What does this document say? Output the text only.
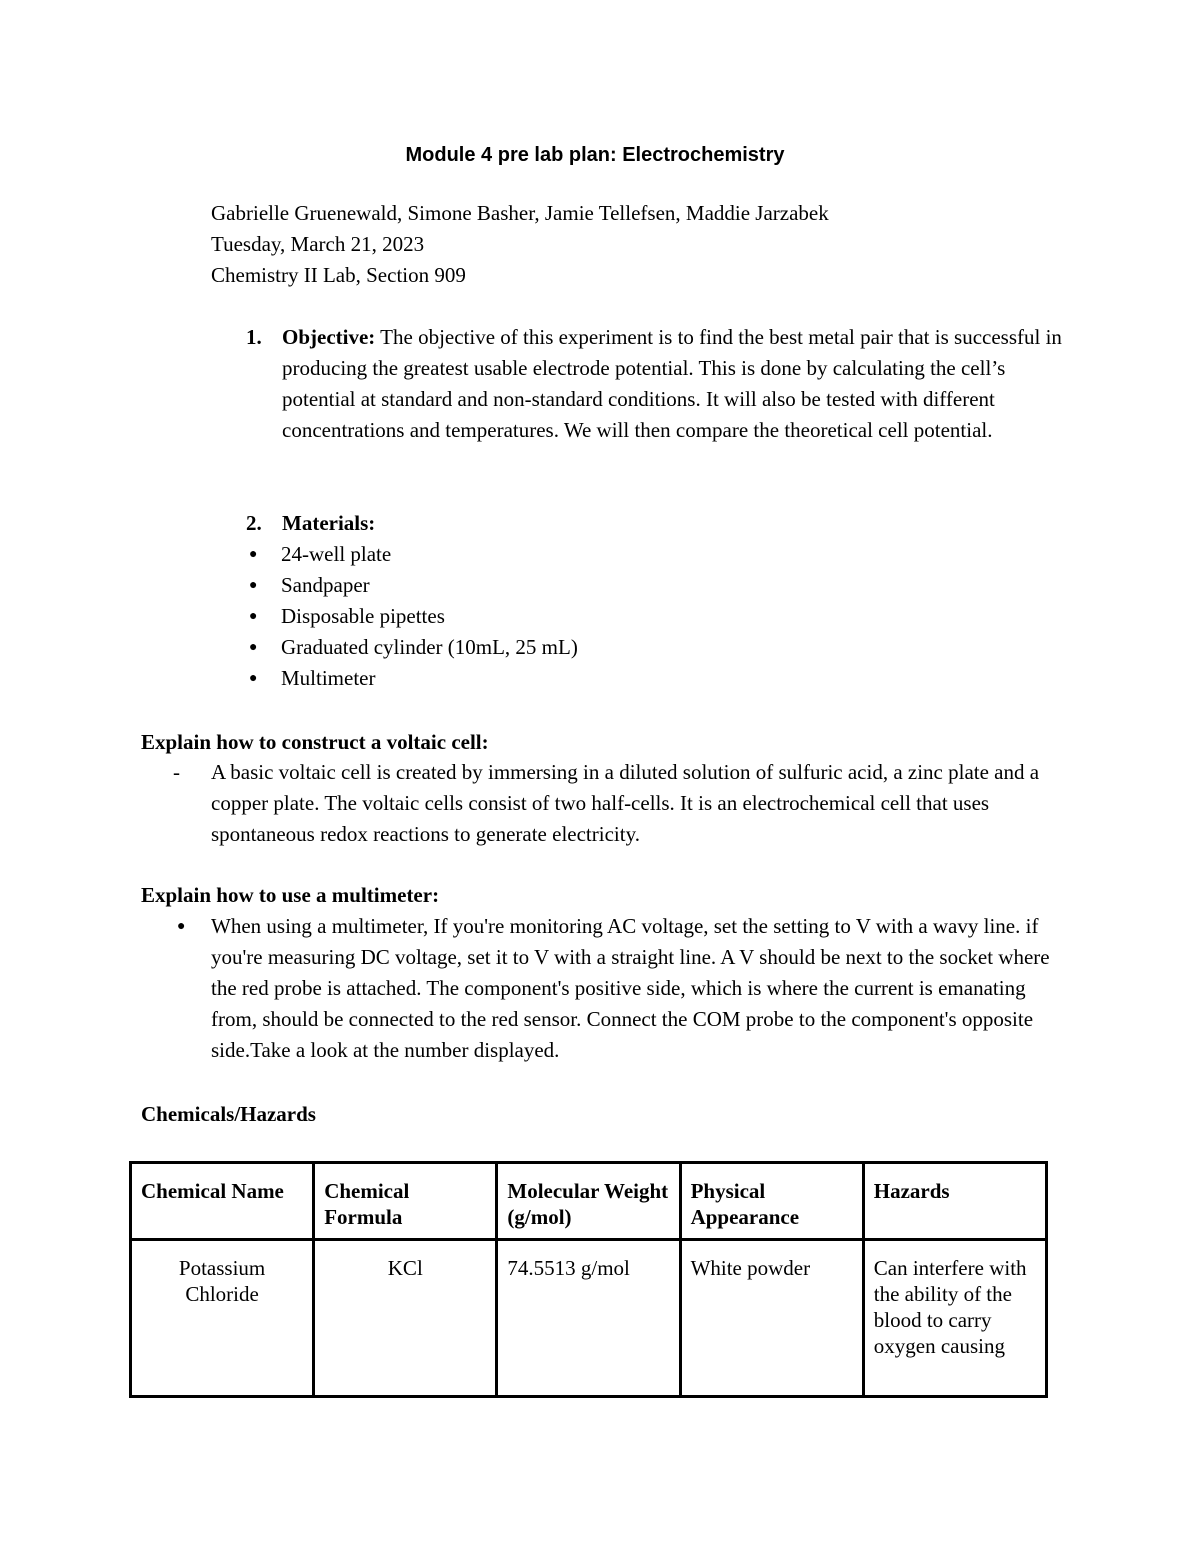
Module 4 pre lab plan: Electrochemistry
Gabrielle Gruenewald, Simone Basher, Jamie Tellefsen, Maddie Jarzabek
Tuesday, March 21, 2023
Chemistry II Lab, Section 909
1. Objective: The objective of this experiment is to find the best metal pair that is successful in producing the greatest usable electrode potential. This is done by calculating the cell’s potential at standard and non-standard conditions. It will also be tested with different concentrations and temperatures. We will then compare the theoretical cell potential.
2. Materials:
● 24-well plate
● Sandpaper
● Disposable pipettes
● Graduated cylinder (10mL, 25 mL)
● Multimeter
Explain how to construct a voltaic cell:
- A basic voltaic cell is created by immersing in a diluted solution of sulfuric acid, a zinc plate and a copper plate. The voltaic cells consist of two half-cells. It is an electrochemical cell that uses spontaneous redox reactions to generate electricity.
Explain how to use a multimeter:
● When using a multimeter, If you're monitoring AC voltage, set the setting to V with a wavy line. if you're measuring DC voltage, set it to V with a straight line. A V should be next to the socket where the red probe is attached. The component's positive side, which is where the current is emanating from, should be connected to the red sensor. Connect the COM probe to the component's opposite side.Take a look at the number displayed.
Chemicals/Hazards
Chemical Name	Chemical Formula	Molecular Weight (g/mol)	Physical Appearance	Hazards
Potassium Chloride	KCl	74.5513 g/mol	White powder	Can interfere with the ability of the blood to carry oxygen causing
